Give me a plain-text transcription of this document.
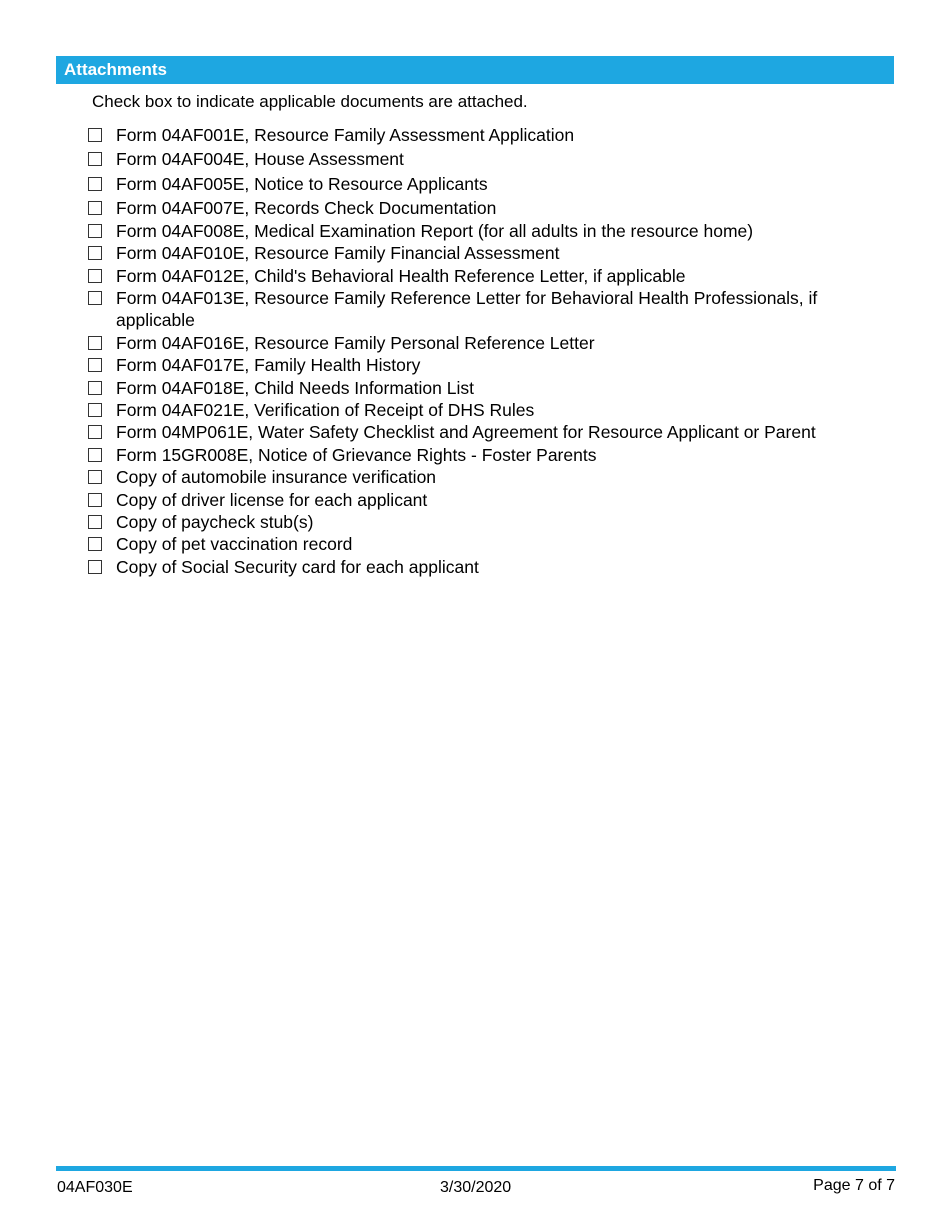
Attachments
Check box to indicate applicable documents are attached.
Form 04AF001E, Resource Family Assessment Application
Form 04AF004E, House Assessment
Form 04AF005E, Notice to Resource Applicants
Form 04AF007E, Records Check Documentation
Form 04AF008E, Medical Examination Report (for all adults in the resource home)
Form 04AF010E, Resource Family Financial Assessment
Form 04AF012E, Child's Behavioral Health Reference Letter, if applicable
Form 04AF013E, Resource Family Reference Letter for Behavioral Health Professionals, if applicable
Form 04AF016E, Resource Family Personal Reference Letter
Form 04AF017E, Family Health History
Form 04AF018E, Child Needs Information List
Form 04AF021E, Verification of Receipt of DHS Rules
Form 04MP061E, Water Safety Checklist and Agreement for Resource Applicant or Parent
Form 15GR008E, Notice of Grievance Rights - Foster Parents
Copy of automobile insurance verification
Copy of driver license for each applicant
Copy of paycheck stub(s)
Copy of pet vaccination record
Copy of Social Security card for each applicant
04AF030E	3/30/2020	Page 7 of 7
